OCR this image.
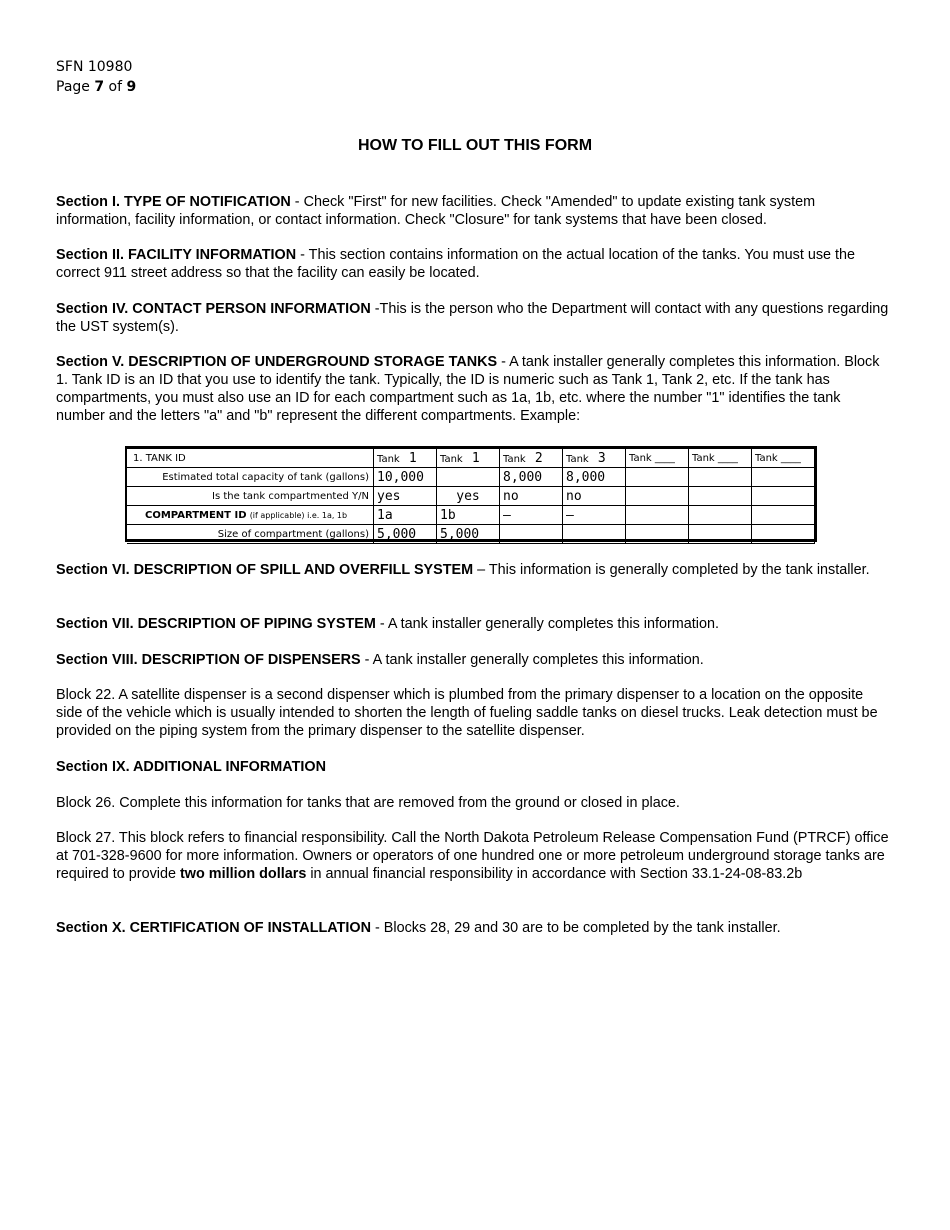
SFN 10980
Page 7 of 9
HOW TO FILL OUT THIS FORM
Section I. TYPE OF NOTIFICATION - Check "First" for new facilities. Check "Amended" to update existing tank system information, facility information, or contact information. Check "Closure" for tank systems that have been closed.
Section II. FACILITY INFORMATION - This section contains information on the actual location of the tanks. You must use the correct 911 street address so that the facility can easily be located.
Section IV. CONTACT PERSON INFORMATION -This is the person who the Department will contact with any questions regarding the UST system(s).
Section V. DESCRIPTION OF UNDERGROUND STORAGE TANKS - A tank installer generally completes this information. Block 1. Tank ID is an ID that you use to identify the tank. Typically, the ID is numeric such as Tank 1, Tank 2, etc. If the tank has compartments, you must also use an ID for each compartment such as 1a, 1b, etc. where the number "1" identifies the tank number and the letters "a" and "b" represent the different compartments. Example:
1. TANK ID	Tank 1	Tank 1	Tank 2	Tank 3	Tank ____	Tank ____	Tank ____
Estimated total capacity of tank (gallons)	10,000		8,000	8,000			
Is the tank compartmented Y/N	yes	yes	no	no			
COMPARTMENT ID (if applicable) i.e. 1a, 1b	1a	1b	—	—			
Size of compartment (gallons)	5,000	5,000					
Section VI. DESCRIPTION OF SPILL AND OVERFILL SYSTEM – This information is generally completed by the tank installer.
Section VII. DESCRIPTION OF PIPING SYSTEM - A tank installer generally completes this information.
Section VIII. DESCRIPTION OF DISPENSERS - A tank installer generally completes this information.
Block 22. A satellite dispenser is a second dispenser which is plumbed from the primary dispenser to a location on the opposite side of the vehicle which is usually intended to shorten the length of fueling saddle tanks on diesel trucks. Leak detection must be provided on the piping system from the primary dispenser to the satellite dispenser.
Section IX. ADDITIONAL INFORMATION
Block 26. Complete this information for tanks that are removed from the ground or closed in place.
Block 27. This block refers to financial responsibility. Call the North Dakota Petroleum Release Compensation Fund (PTRCF) office at 701-328-9600 for more information. Owners or operators of one hundred one or more petroleum underground storage tanks are required to provide two million dollars in annual financial responsibility in accordance with Section 33.1-24-08-83.2b
Section X. CERTIFICATION OF INSTALLATION - Blocks 28, 29 and 30 are to be completed by the tank installer.
